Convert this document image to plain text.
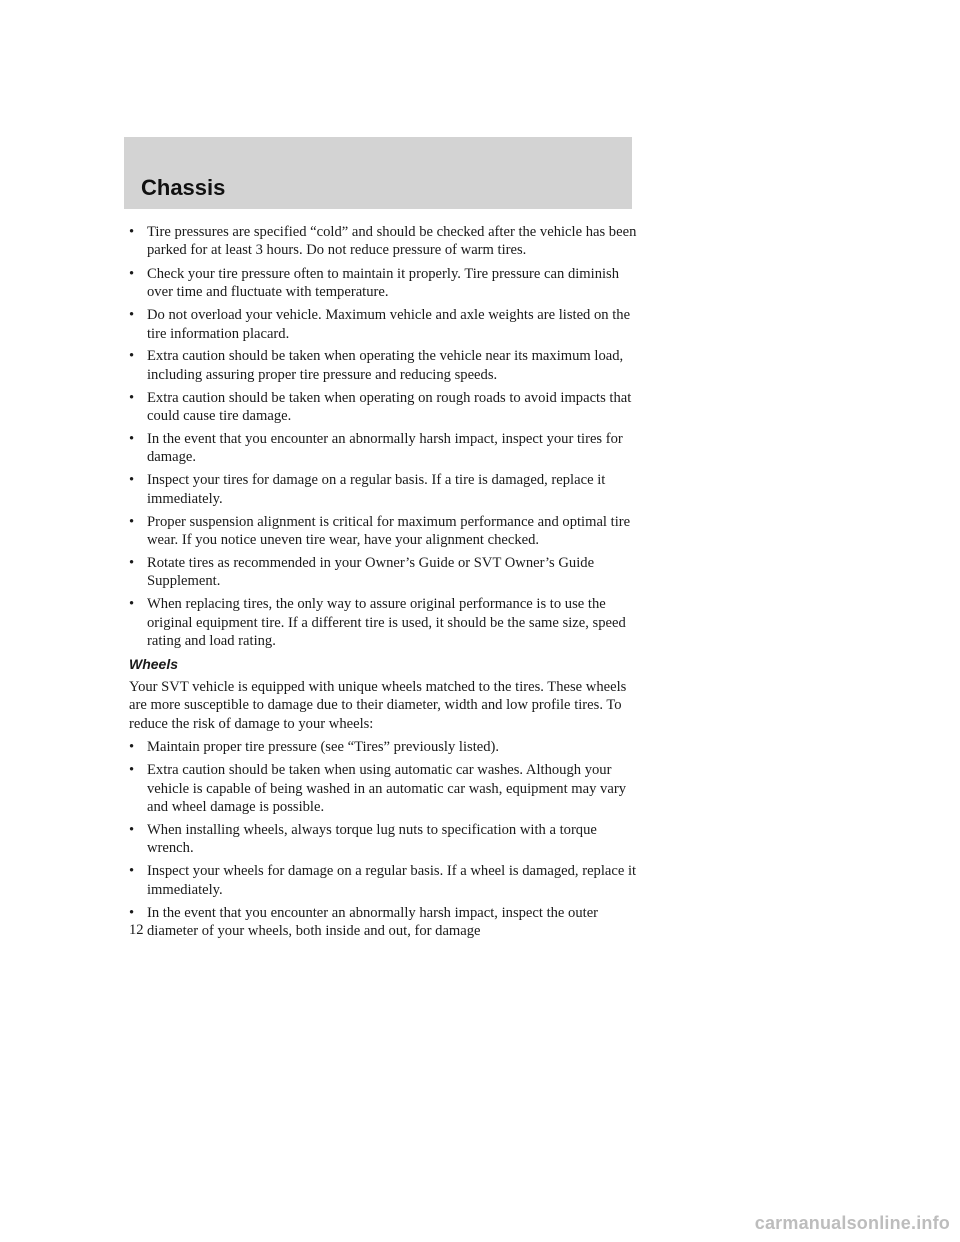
Chassis
• Tire pressures are specified “cold” and should be checked after the vehicle has been parked for at least 3 hours. Do not reduce pressure of warm tires.
• Check your tire pressure often to maintain it properly. Tire pressure can diminish over time and fluctuate with temperature.
• Do not overload your vehicle. Maximum vehicle and axle weights are listed on the tire information placard.
• Extra caution should be taken when operating the vehicle near its maximum load, including assuring proper tire pressure and reducing speeds.
• Extra caution should be taken when operating on rough roads to avoid impacts that could cause tire damage.
• In the event that you encounter an abnormally harsh impact, inspect your tires for damage.
• Inspect your tires for damage on a regular basis. If a tire is damaged, replace it immediately.
• Proper suspension alignment is critical for maximum performance and optimal tire wear. If you notice uneven tire wear, have your alignment checked.
• Rotate tires as recommended in your Owner’s Guide or SVT Owner’s Guide Supplement.
• When replacing tires, the only way to assure original performance is to use the original equipment tire. If a different tire is used, it should be the same size, speed rating and load rating.
Wheels

Your SVT vehicle is equipped with unique wheels matched to the tires. These wheels are more susceptible to damage due to their diameter, width and low profile tires. To reduce the risk of damage to your wheels:

• Maintain proper tire pressure (see “Tires” previously listed).
• Extra caution should be taken when using automatic car washes. Although your vehicle is capable of being washed in an automatic car wash, equipment may vary and wheel damage is possible.
• When installing wheels, always torque lug nuts to specification with a torque wrench.
• Inspect your wheels for damage on a regular basis. If a wheel is damaged, replace it immediately.
• In the event that you encounter an abnormally harsh impact, inspect the outer diameter of your wheels, both inside and out, for damage
12
carmanualsonline.info
